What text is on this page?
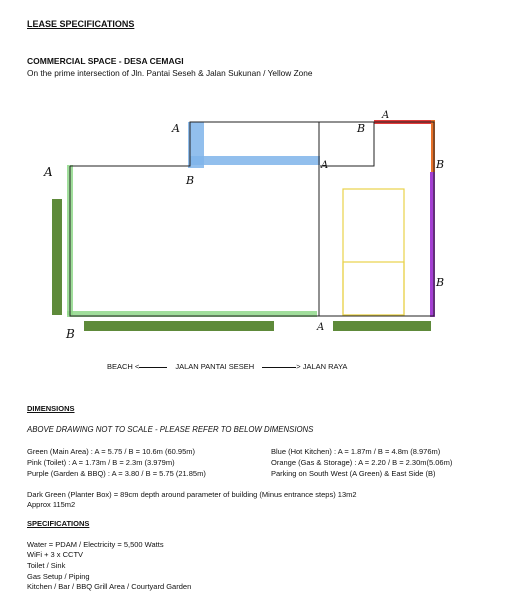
LEASE SPECIFICATIONS
COMMERCIAL SPACE - DESA CEMAGI
On the prime intersection of Jln. Pantai Seseh & Jalan Sukunan / Yellow Zone
A
B
A
B
A
B
A
B
B
A
BEACH <	JALAN PANTAI SESEH	> JALAN RAYA
DIMENSIONS
ABOVE DRAWING NOT TO SCALE - PLEASE REFER TO BELOW DIMENSIONS
Green (Main Area) : A = 5.75 / B = 10.6m (60.95m)
Pink (Toilet) : A = 1.73m / B = 2.3m (3.979m)
Purple (Garden & BBQ) : A = 3.80 / B = 5.75 (21.85m)
Blue (Hot Kitchen) : A = 1.87m / B = 4.8m (8.976m)
Orange (Gas & Storage) : A = 2.20 / B = 2.30m(5.06m)
Parking on South West (A Green) & East Side (B)
Dark Green (Planter Box) = 89cm depth around parameter of building (Minus entrance steps) 13m2
Approx 115m2
SPECIFICATIONS
Water = PDAM / Electricity = 5,500 Watts
WiFi + 3 x CCTV
Toilet / Sink
Gas Setup / Piping
Kitchen / Bar / BBQ Grill Area / Courtyard Garden
